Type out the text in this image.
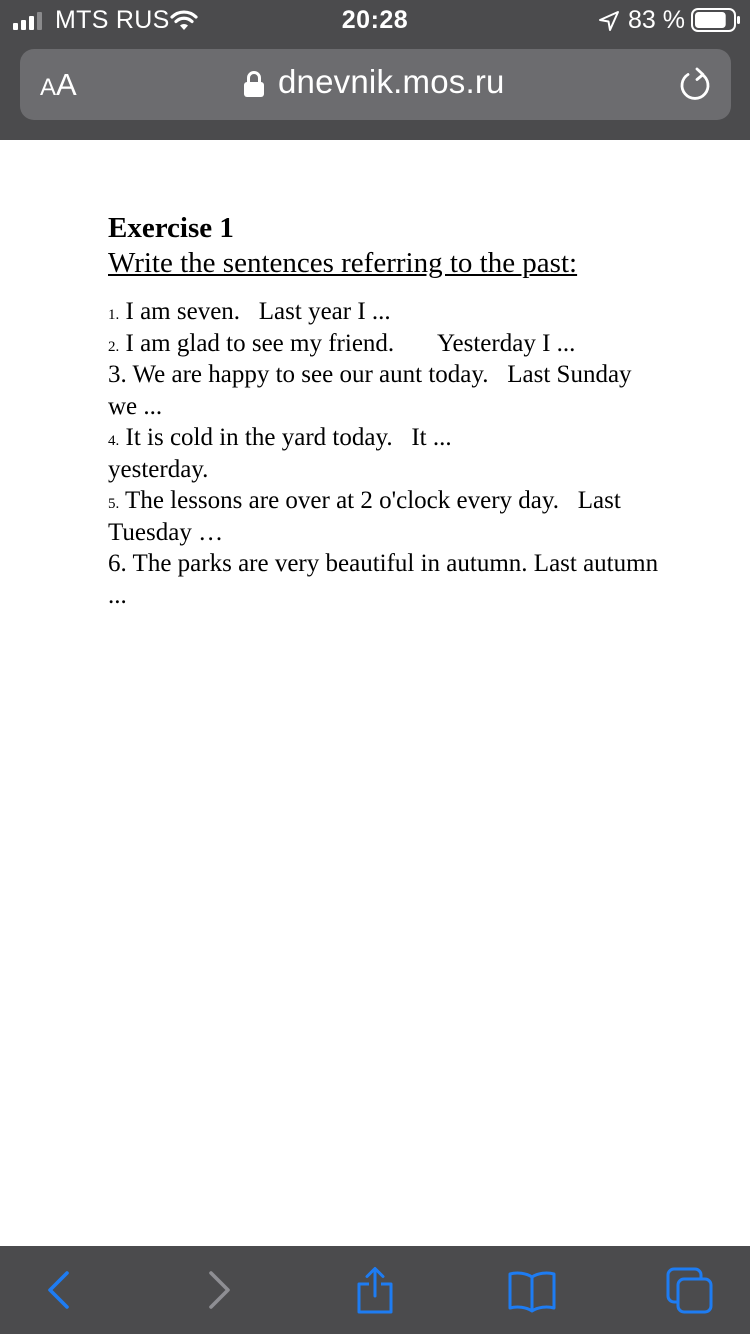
MTS RUS	20:28	83 %
A A	dnevnik.mos.ru
Exercise 1
Write the sentences referring to the past:
1. I am seven.   Last year I ...
2. I am glad to see my friend.       Yesterday I ...
3. We are happy to see our aunt today.   Last Sunday
we ...
4. It is cold in the yard today.   It ...
yesterday.
5. The lessons are over at 2 o'clock every day.   Last
Tuesday …
6. The parks are very beautiful in autumn. Last autumn
...
